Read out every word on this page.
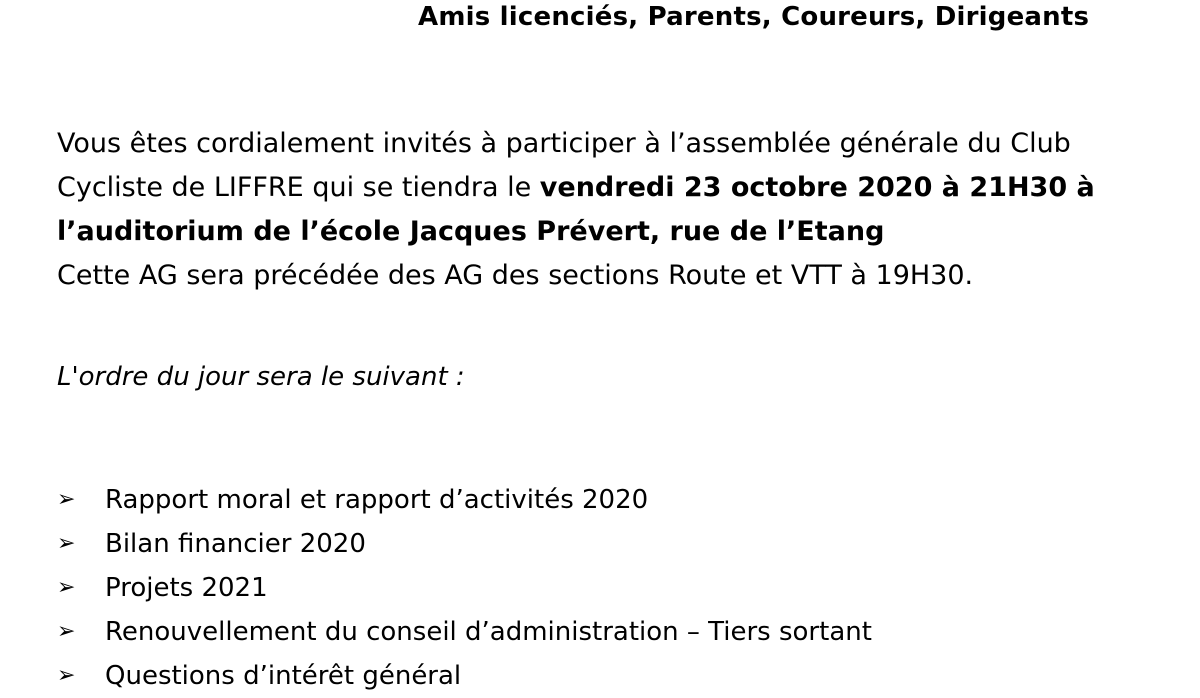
Amis licenciés, Parents, Coureurs, Dirigeants
Vous êtes cordialement invités à participer à l’assemblée générale du Club
Cycliste de LIFFRE qui se tiendra le vendredi 23 octobre 2020 à 21H30 à
l’auditorium de l’école Jacques Prévert, rue de l’Etang
Cette AG sera précédée des AG des sections Route et VTT à 19H30.
L'ordre du jour sera le suivant :
➢	Rapport moral et rapport d’activités 2020
➢	Bilan financier 2020
➢	Projets 2021
➢	Renouvellement du conseil d’administration – Tiers sortant
➢	Questions d’intérêt général
